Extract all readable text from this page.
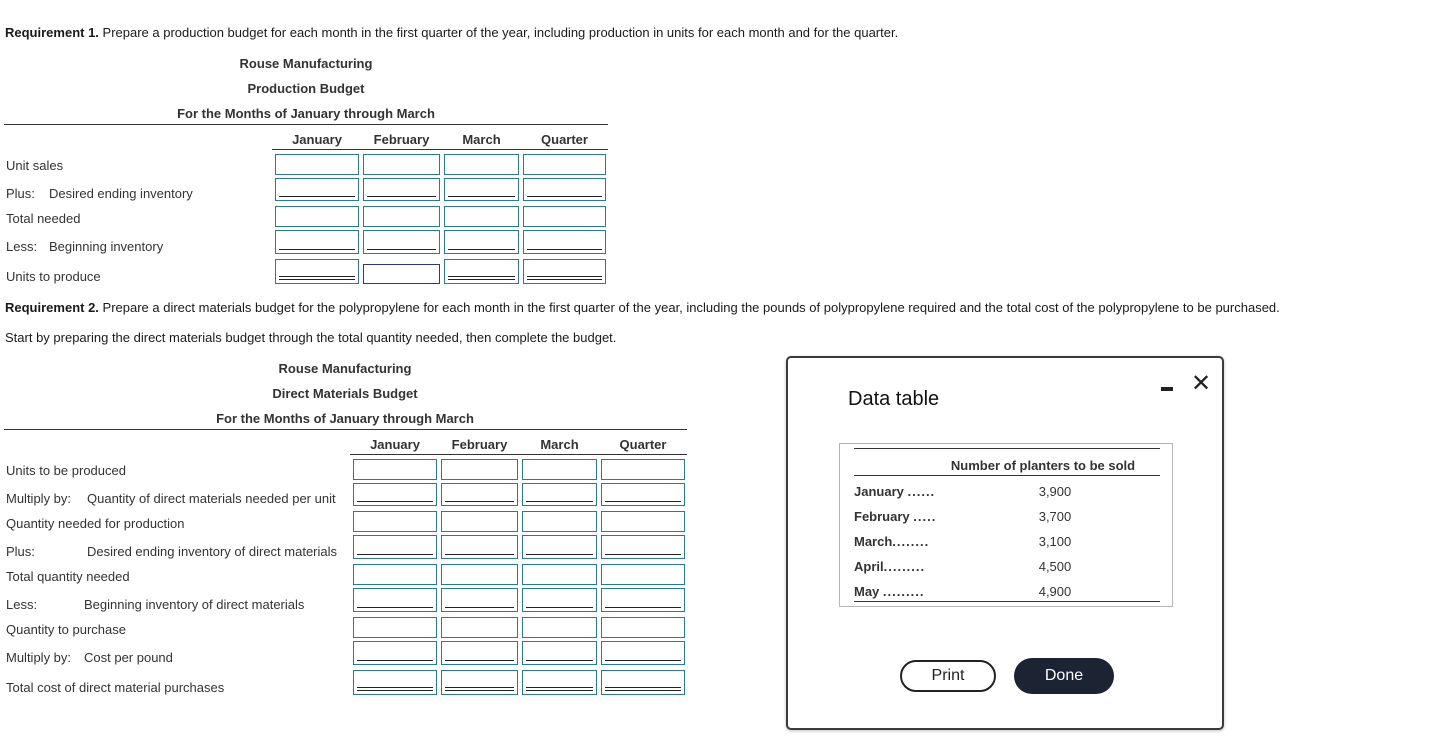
Requirement 1. Prepare a production budget for each month in the first quarter of the year, including production in units for each month and for the quarter.
Rouse Manufacturing
Production Budget
For the Months of January through March
January	February	March	Quarter
Unit sales
Plus: Desired ending inventory
Total needed
Less: Beginning inventory
Units to produce
Requirement 2. Prepare a direct materials budget for the polypropylene for each month in the first quarter of the year, including the pounds of polypropylene required and the total cost of the polypropylene to be purchased.
Start by preparing the direct materials budget through the total quantity needed, then complete the budget.
Rouse Manufacturing
Direct Materials Budget
For the Months of January through March
January	February	March	Quarter
Units to be produced
Multiply by: Quantity of direct materials needed per unit
Quantity needed for production
Plus:	Desired ending inventory of direct materials
Total quantity needed
Less:	Beginning inventory of direct materials
Quantity to purchase
Multiply by: Cost per pound
Total cost of direct material purchases
Data table
✕
Number of planters to be sold
January ......	3,900
February .....	3,700
March........	3,100
April.........	4,500
May .........	4,900
Print	Done
